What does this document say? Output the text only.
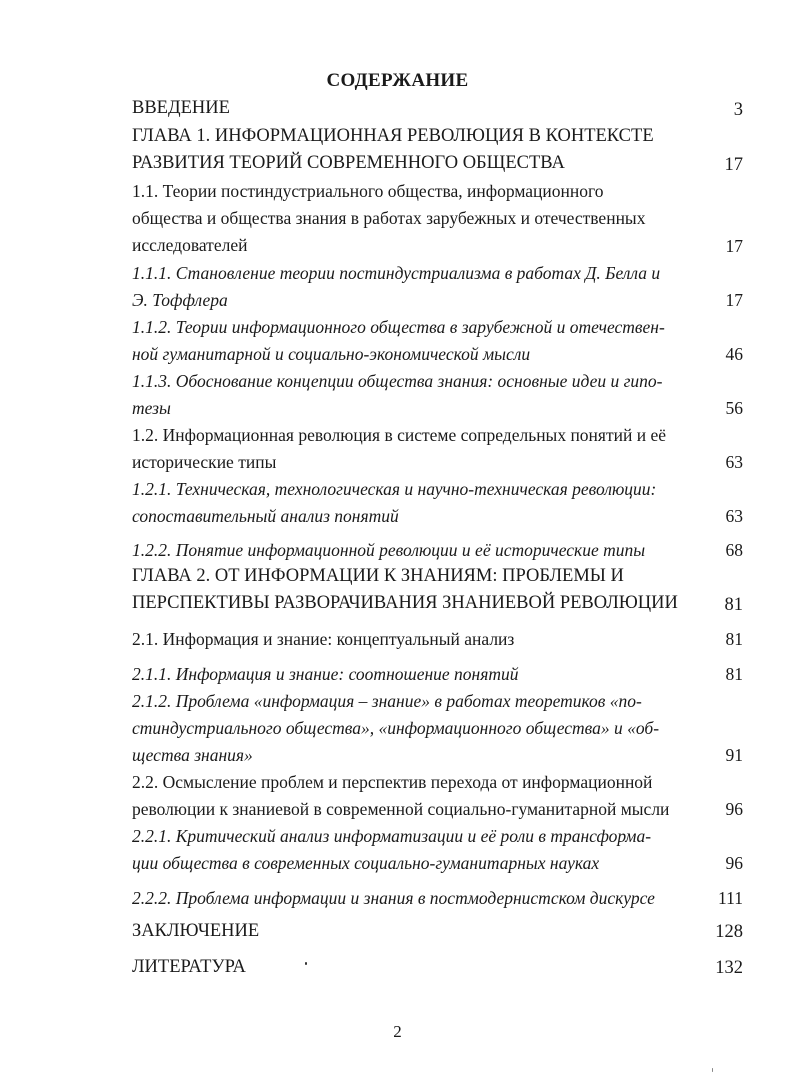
СОДЕРЖАНИЕ
ВВЕДЕНИЕ	3
ГЛАВА 1. ИНФОРМАЦИОННАЯ РЕВОЛЮЦИЯ В КОНТЕКСТЕ
РАЗВИТИЯ ТЕОРИЙ СОВРЕМЕННОГО ОБЩЕСТВА	17
1.1. Теории постиндустриального общества, информационного
общества и общества знания в работах зарубежных и отечественных
исследователей	17
1.1.1. Становление теории постиндустриализма в работах Д. Белла и
Э. Тоффлера	17
1.1.2. Теории информационного общества в зарубежной и отечествен-
ной гуманитарной и социально-экономической мысли	46
1.1.3. Обоснование концепции общества знания: основные идеи и гипо-
тезы	56
1.2. Информационная революция в системе сопредельных понятий и её
исторические типы	63
1.2.1. Техническая, технологическая и научно-техническая революции:
сопоставительный анализ понятий	63
1.2.2. Понятие информационной революции и её исторические типы	68
ГЛАВА 2. ОТ ИНФОРМАЦИИ К ЗНАНИЯМ: ПРОБЛЕМЫ И
ПЕРСПЕКТИВЫ РАЗВОРАЧИВАНИЯ ЗНАНИЕВОЙ РЕВОЛЮЦИИ	81
2.1. Информация и знание: концептуальный анализ	81
2.1.1. Информация и знание: соотношение понятий	81
2.1.2. Проблема «информация – знание» в работах теоретиков «по-
стиндустриального общества», «информационного общества» и «об-
щества знания»	91
2.2. Осмысление проблем и перспектив перехода от информационной
революции к знаниевой в современной социально-гуманитарной мысли	96
2.2.1. Критический анализ информатизации и её роли в трансформа-
ции общества в современных социально-гуманитарных науках	96
2.2.2. Проблема информации и знания в постмодернистском дискурсе	111
ЗАКЛЮЧЕНИЕ	128
ЛИТЕРАТУРА	132
2
